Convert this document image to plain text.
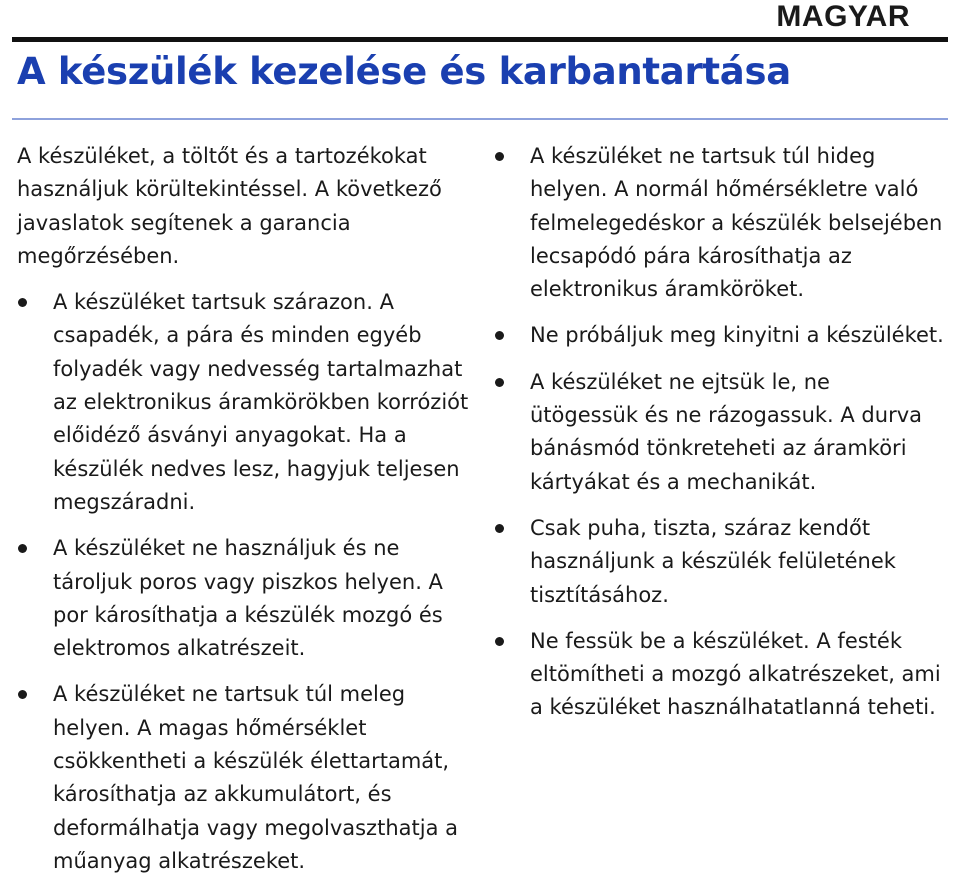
MAGYAR
A készülék kezelése és karbantartása

A készüléket, a töltőt és a tartozékokat használjuk körültekintéssel. A következő javaslatok segítenek a garancia megőrzésében.

A készüléket tartsuk szárazon. A csapadék, a pára és minden egyéb folyadék vagy nedvesség tartalmazhat az elektronikus áramkörökben korróziót előidéző ásványi anyagokat. Ha a készülék nedves lesz, hagyjuk teljesen megszáradni.
A készüléket ne használjuk és ne tároljuk poros vagy piszkos helyen. A por károsíthatja a készülék mozgó és elektromos alkatrészeit.
A készüléket ne tartsuk túl meleg helyen. A magas hőmérséklet csökkentheti a készülék élettartamát, károsíthatja az akkumulátort, és deformálhatja vagy megolvaszthatja a műanyag alkatrészeket.
A készüléket ne tartsuk túl hideg helyen. A normál hőmérsékletre való felmelegedéskor a készülék belsejében lecsapódó pára károsíthatja az elektronikus áramköröket.
Ne próbáljuk meg kinyitni a készüléket.
A készüléket ne ejtsük le, ne ütögessük és ne rázogassuk. A durva bánásmód tönkreteheti az áramköri kártyákat és a mechanikát.
Csak puha, tiszta, száraz kendőt használjunk a készülék felületének tisztításához.
Ne fessük be a készüléket. A festék eltömítheti a mozgó alkatrészeket, ami a készüléket használhatatlanná teheti.
